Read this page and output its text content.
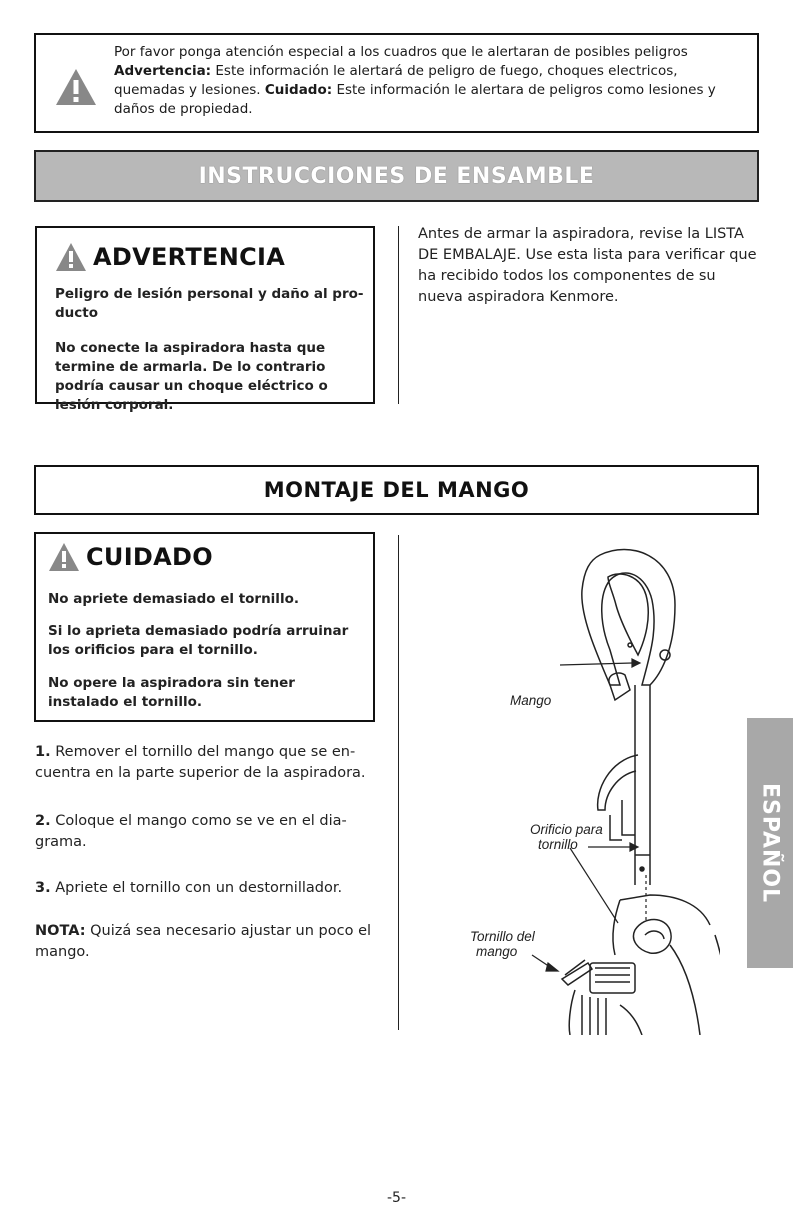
Por favor ponga atención especial a los cuadros que le alertaran de posibles peligros
Advertencia: Este información le alertará de peligro de fuego, choques electricos, quemadas y lesiones. Cuidado: Este información le alertara de peligros como lesiones y daños de propiedad.
INSTRUCCIONES DE ENSAMBLE
ADVERTENCIA
Peligro de lesión personal y daño al pro-ducto
No conecte la aspiradora hasta que termine de armarla. De lo contrario podría causar un choque eléctrico o lesión corporal.
Antes de armar la aspiradora, revise la LISTA DE EMBALAJE. Use esta lista para verificar que ha recibido todos los componentes de su nueva aspiradora Kenmore.
MONTAJE DEL MANGO
CUIDADO
No apriete demasiado el tornillo.
Si lo aprieta demasiado podría arruinar los orificios para el tornillo.
No opere la aspiradora sin tener instalado el tornillo.
1. Remover el tornillo del mango que se en-cuentra en la parte superior de la aspiradora.
2. Coloque el mango como se ve en el dia-grama.
3. Apriete el tornillo con un destornillador.
NOTA: Quizá sea necesario ajustar un poco el mango.
Mango
Orificio para
tornillo
Tornillo del
mango
ESPAÑOL
-5-
